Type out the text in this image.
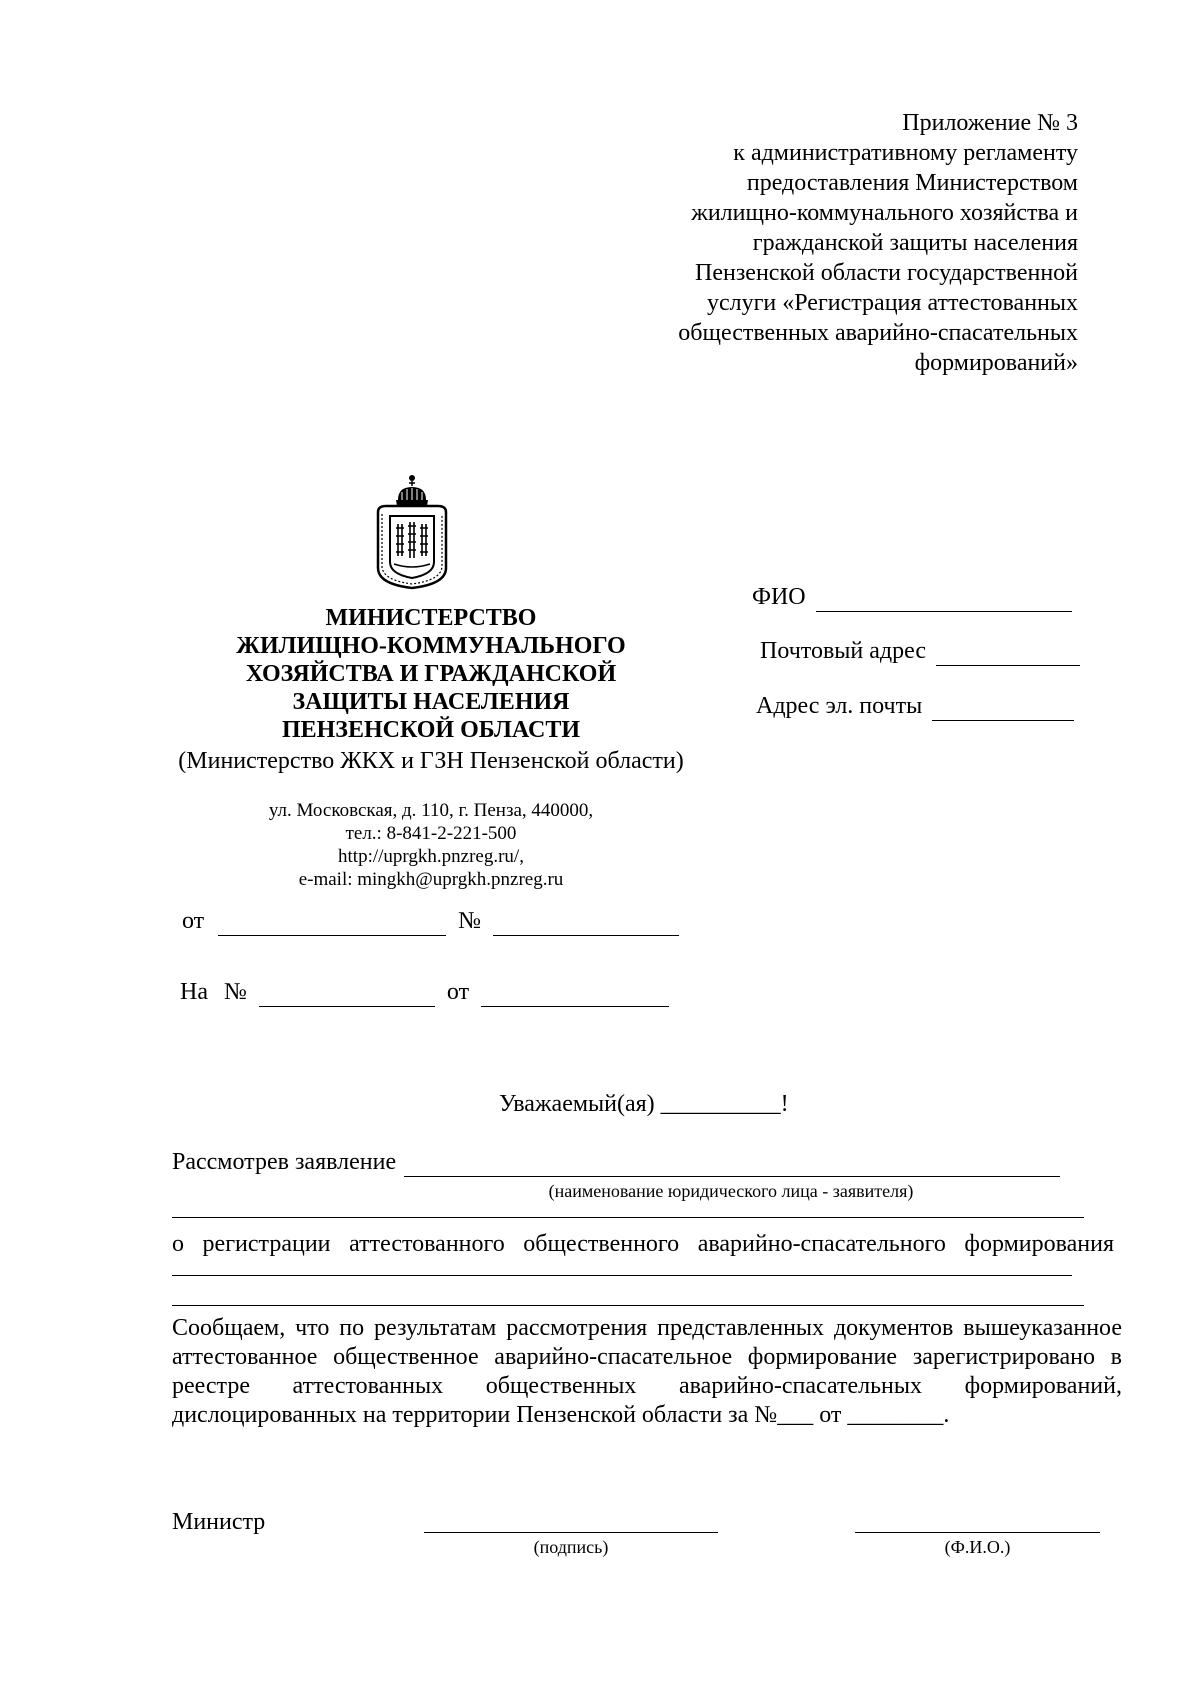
Приложение № 3
к административному регламенту
предоставления Министерством
жилищно-коммунального хозяйства и
гражданской защиты населения
Пензенской области государственной
услуги «Регистрация аттестованных
общественных аварийно-спасательных
формирований»
МИНИСТЕРСТВО
ЖИЛИЩНО-КОММУНАЛЬНОГО
ХОЗЯЙСТВА И ГРАЖДАНСКОЙ
ЗАЩИТЫ НАСЕЛЕНИЯ
ПЕНЗЕНСКОЙ ОБЛАСТИ
(Министерство ЖКХ и ГЗН Пензенской области)
ул. Московская, д. 110, г. Пенза, 440000,
тел.: 8-841-2-221-500
http://uprgkh.pnzreg.ru/,
e-mail: mingkh@uprgkh.pnzreg.ru
ФИО
Почтовый адрес
Адрес эл. почты
от	№
На №	от
Уважаемый(ая) __________!
Рассмотрев заявление
(наименование юридического лица - заявителя)
о регистрации аттестованного общественного аварийно-спасательного формирования
Сообщаем, что по результатам рассмотрения представленных документов вышеуказанное
аттестованное общественное аварийно-спасательное формирование зарегистрировано в
реестре аттестованных общественных аварийно-спасательных формирований,
дислоцированных на территории Пензенской области за №___ от ________.
Министр
(подпись)	(Ф.И.О.)
